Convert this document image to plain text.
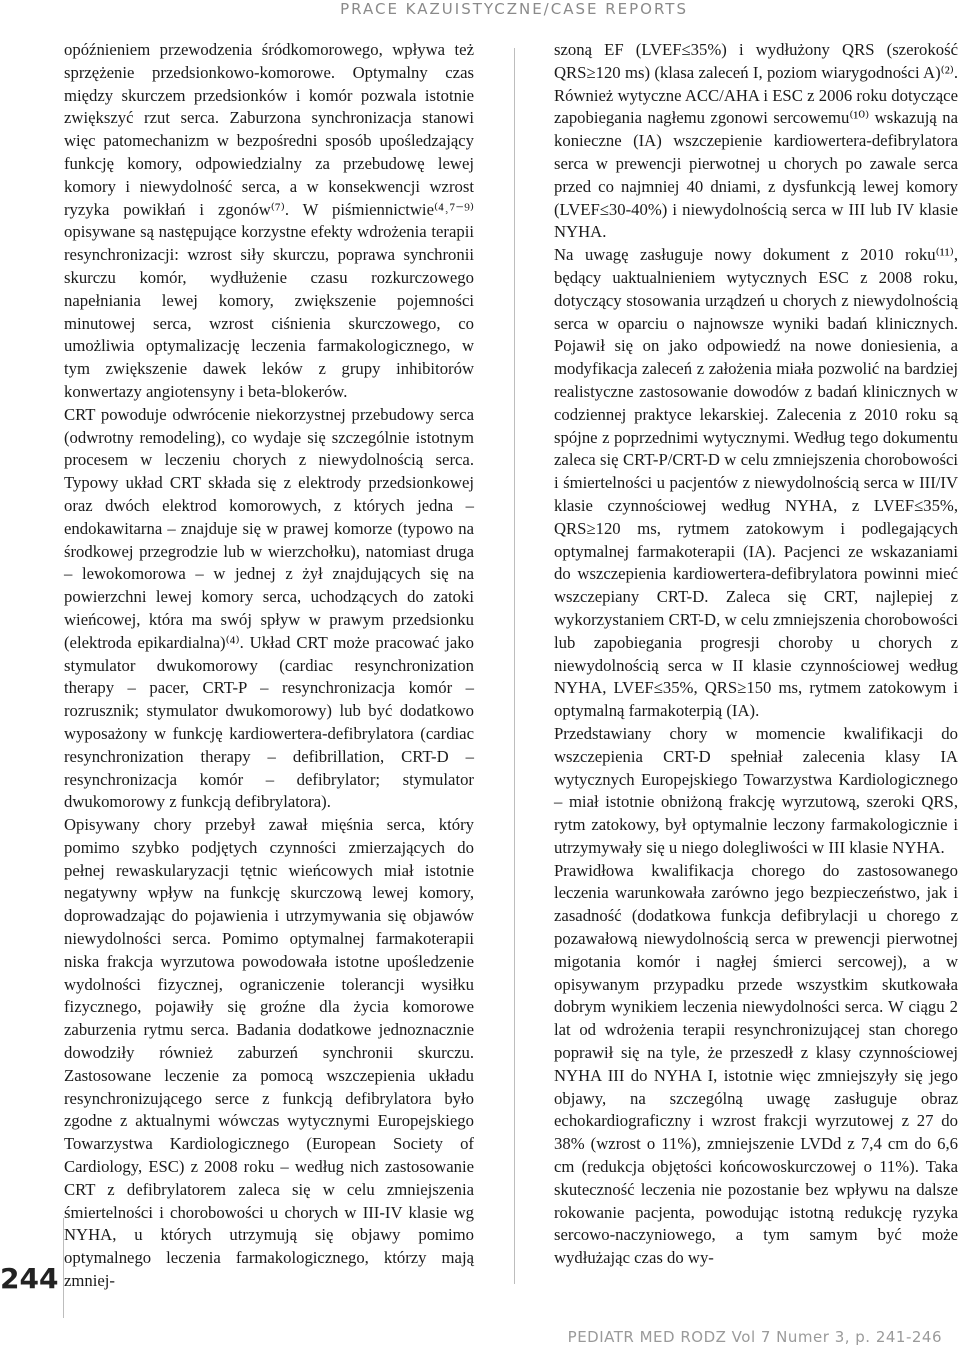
PRACE KAZUISTYCZNE/CASE REPORTS

opóźnieniem przewodzenia śródkomorowego, wpływa też sprzężenie przedsionkowo-komorowe. Optymalny czas między skurczem przedsionków i komór pozwala istotnie zwiększyć rzut serca. Zaburzona synchronizacja stanowi więc patomechanizm w bezpośredni sposób upośledzający funkcję komory, odpowiedzialny za przebudowę lewej komory i niewydolność serca, a w konsekwencji wzrost ryzyka powikłań i zgonów⁽⁷⁾. W piśmiennictwie⁽⁴˒⁷⁻⁹⁾ opisywane są następujące korzystne efekty wdrożenia terapii resynchronizacji: wzrost siły skurczu, poprawa synchronii skurczu komór, wydłużenie czasu rozkurczowego napełniania lewej komory, zwiększenie pojemności minutowej serca, wzrost ciśnienia skurczowego, co umożliwia optymalizację leczenia farmakologicznego, w tym zwiększenie dawek leków z grupy inhibitorów konwertazy angiotensyny i beta-blokerów.

CRT powoduje odwrócenie niekorzystnej przebudowy serca (odwrotny remodeling), co wydaje się szczególnie istotnym procesem w leczeniu chorych z niewydolnością serca. Typowy układ CRT składa się z elektrody przedsionkowej oraz dwóch elektrod komorowych, z których jedna – endokawitarna – znajduje się w prawej komorze (typowo na środkowej przegrodzie lub w wierzchołku), natomiast druga – lewokomorowa – w jednej z żył znajdujących się na powierzchni lewej komory serca, uchodzących do zatoki wieńcowej, która ma swój spływ w prawym przedsionku (elektroda epikardialna)⁽⁴⁾. Układ CRT może pracować jako stymulator dwukomorowy (cardiac resynchronization therapy – pacer, CRT-P – resynchronizacja komór – rozrusznik; stymulator dwukomorowy) lub być dodatkowo wyposażony w funkcję kardiowertera-defibrylatora (cardiac resynchronization therapy – defibrillation, CRT-D – resynchronizacja komór – defibrylator; stymulator dwukomorowy z funkcją defibrylatora).

Opisywany chory przebył zawał mięśnia serca, który pomimo szybko podjętych czynności zmierzających do pełnej rewaskularyzacji tętnic wieńcowych miał istotnie negatywny wpływ na funkcję skurczową lewej komory, doprowadzając do pojawienia i utrzymywania się objawów niewydolności serca. Pomimo optymalnej farmakoterapii niska frakcja wyrzutowa powodowała istotne upośledzenie wydolności fizycznej, ograniczenie tolerancji wysiłku fizycznego, pojawiły się groźne dla życia komorowe zaburzenia rytmu serca. Badania dodatkowe jednoznacznie dowodziły również zaburzeń synchronii skurczu. Zastosowane leczenie za pomocą wszczepienia układu resynchronizującego serce z funkcją defibrylatora było zgodne z aktualnymi wówczas wytycznymi Europejskiego Towarzystwa Kardiologicznego (European Society of Cardiology, ESC) z 2008 roku – według nich zastosowanie CRT z defibrylatorem zaleca się w celu zmniejszenia śmiertelności i chorobowości u chorych w III-IV klasie wg NYHA, u których utrzymują się objawy pomimo optymalnego leczenia farmakologicznego, którzy mają zmniej-

szoną EF (LVEF≤35%) i wydłużony QRS (szerokość QRS≥120 ms) (klasa zaleceń I, poziom wiarygodności A)⁽²⁾. Również wytyczne ACC/AHA i ESC z 2006 roku dotyczące zapobiegania nagłemu zgonowi sercowemu⁽¹⁰⁾ wskazują na konieczne (IA) wszczepienie kardiowertera-defibrylatora serca w prewencji pierwotnej u chorych po zawale serca przed co najmniej 40 dniami, z dysfunkcją lewej komory (LVEF≤30-40%) i niewydolnością serca w III lub IV klasie NYHA.

Na uwagę zasługuje nowy dokument z 2010 roku⁽¹¹⁾, będący uaktualnieniem wytycznych ESC z 2008 roku, dotyczący stosowania urządzeń u chorych z niewydolnością serca w oparciu o najnowsze wyniki badań klinicznych. Pojawił się on jako odpowiedź na nowe doniesienia, a modyfikacja zaleceń z założenia miała pozwolić na bardziej realistyczne zastosowanie dowodów z badań klinicznych w codziennej praktyce lekarskiej. Zalecenia z 2010 roku są spójne z poprzednimi wytycznymi. Według tego dokumentu zaleca się CRT-P/CRT-D w celu zmniejszenia chorobowości i śmiertelności u pacjentów z niewydolnością serca w III/IV klasie czynnościowej według NYHA, z LVEF≤35%, QRS≥120 ms, rytmem zatokowym i podlegających optymalnej farmakoterapii (IA). Pacjenci ze wskazaniami do wszczepienia kardiowertera-defibrylatora powinni mieć wszczepiany CRT-D. Zaleca się CRT, najlepiej z wykorzystaniem CRT-D, w celu zmniejszenia chorobowości lub zapobiegania progresji choroby u chorych z niewydolnością serca w II klasie czynnościowej według NYHA, LVEF≤35%, QRS≥150 ms, rytmem zatokowym i optymalną farmakoterpią (IA).

Przedstawiany chory w momencie kwalifikacji do wszczepienia CRT-D spełniał zalecenia klasy IA wytycznych Europejskiego Towarzystwa Kardiologicznego – miał istotnie obniżoną frakcję wyrzutową, szeroki QRS, rytm zatokowy, był optymalnie leczony farmakologicznie i utrzymywały się u niego dolegliwości w III klasie NYHA.

Prawidłowa kwalifikacja chorego do zastosowanego leczenia warunkowała zarówno jego bezpieczeństwo, jak i zasadność (dodatkowa funkcja defibrylacji u chorego z pozawałową niewydolnością serca w prewencji pierwotnej migotania komór i nagłej śmierci sercowej), a w opisywanym przypadku przede wszystkim skutkowała dobrym wynikiem leczenia niewydolności serca. W ciągu 2 lat od wdrożenia terapii resynchronizującej stan chorego poprawił się na tyle, że przeszedł z klasy czynnościowej NYHA III do NYHA I, istotnie więc zmniejszyły się jego objawy, na szczególną uwagę zasługuje obraz echokardiograficzny i wzrost frakcji wyrzutowej z 27 do 38% (wzrost o 11%), zmniejszenie LVDd z 7,4 cm do 6,6 cm (redukcja objętości końcowoskurczowej o 11%). Taka skuteczność leczenia nie pozostanie bez wpływu na dalsze rokowanie pacjenta, powodując istotną redukcję ryzyka sercowo-naczyniowego, a tym samym być może wydłużając czas do wy-

244
PEDIATR MED RODZ Vol 7 Numer 3, p. 241-246
